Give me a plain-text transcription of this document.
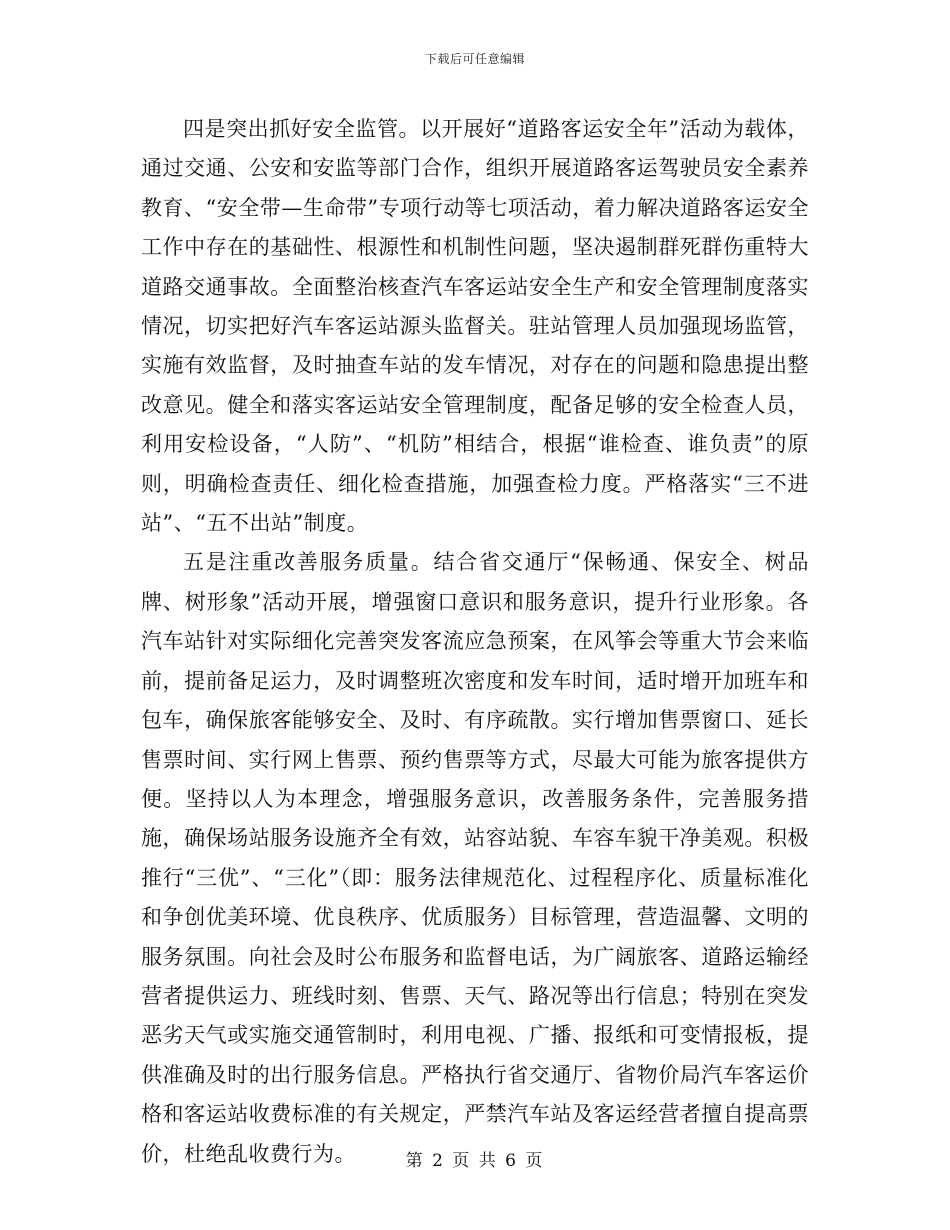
下载后可任意编辑

四是突出抓好安全监管。以开展好“道路客运安全年”活动为载体，通过交通、公安和安监等部门合作，组织开展道路客运驾驶员安全素养教育、“安全带—生命带”专项行动等七项活动，着力解决道路客运安全工作中存在的基础性、根源性和机制性问题，坚决遏制群死群伤重特大道路交通事故。全面整治核查汽车客运站安全生产和安全管理制度落实情况，切实把好汽车客运站源头监督关。驻站管理人员加强现场监管，实施有效监督，及时抽查车站的发车情况，对存在的问题和隐患提出整改意见。健全和落实客运站安全管理制度，配备足够的安全检查人员，利用安检设备，“人防”、“机防”相结合，根据“谁检查、谁负责”的原则，明确检查责任、细化检查措施，加强查检力度。严格落实“三不进站”、“五不出站”制度。

五是注重改善服务质量。结合省交通厅“保畅通、保安全、树品牌、树形象”活动开展，增强窗口意识和服务意识，提升行业形象。各汽车站针对实际细化完善突发客流应急预案，在风筝会等重大节会来临前，提前备足运力，及时调整班次密度和发车时间，适时增开加班车和包车，确保旅客能够安全、及时、有序疏散。实行增加售票窗口、延长售票时间、实行网上售票、预约售票等方式，尽最大可能为旅客提供方便。坚持以人为本理念，增强服务意识，改善服务条件，完善服务措施，确保场站服务设施齐全有效，站容站貌、车容车貌干净美观。积极推行“三优”、“三化”（即：服务法律规范化、过程程序化、质量标准化和争创优美环境、优良秩序、优质服务）目标管理，营造温馨、文明的服务氛围。向社会及时公布服务和监督电话，为广阔旅客、道路运输经营者提供运力、班线时刻、售票、天气、路况等出行信息；特别在突发恶劣天气或实施交通管制时，利用电视、广播、报纸和可变情报板，提供准确及时的出行服务信息。严格执行省交通厅、省物价局汽车客运价格和客运站收费标准的有关规定，严禁汽车站及客运经营者擅自提高票价，杜绝乱收费行为。	第 2 页 共 6 页
